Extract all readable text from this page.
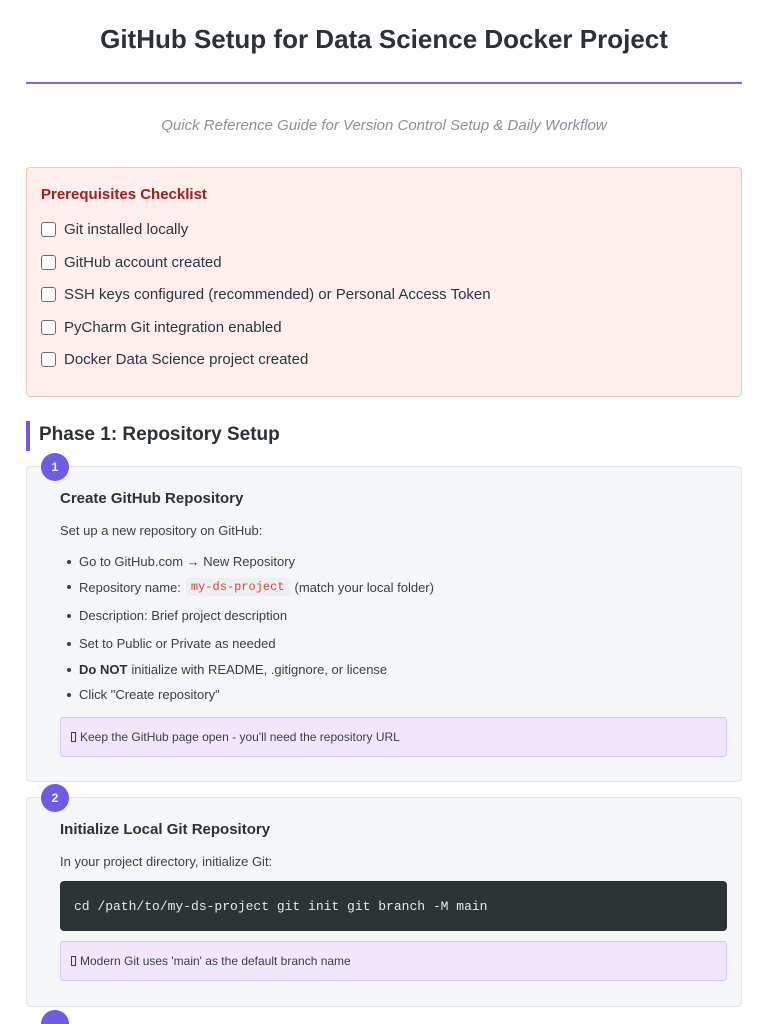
GitHub Setup for Data Science Docker Project
Quick Reference Guide for Version Control Setup & Daily Workflow
Prerequisites Checklist
Git installed locally
GitHub account created
SSH keys configured (recommended) or Personal Access Token
PyCharm Git integration enabled
Docker Data Science project created
Phase 1: Repository Setup
Create GitHub Repository
Set up a new repository on GitHub:
Go to GitHub.com → New Repository
Repository name: my-ds-project (match your local folder)
Description: Brief project description
Set to Public or Private as needed
Do NOT initialize with README, .gitignore, or license
Click "Create repository"
Keep the GitHub page open - you'll need the repository URL
1
Initialize Local Git Repository
In your project directory, initialize Git:
cd /path/to/my-ds-project git init git branch -M main
Modern Git uses 'main' as the default branch name
2
